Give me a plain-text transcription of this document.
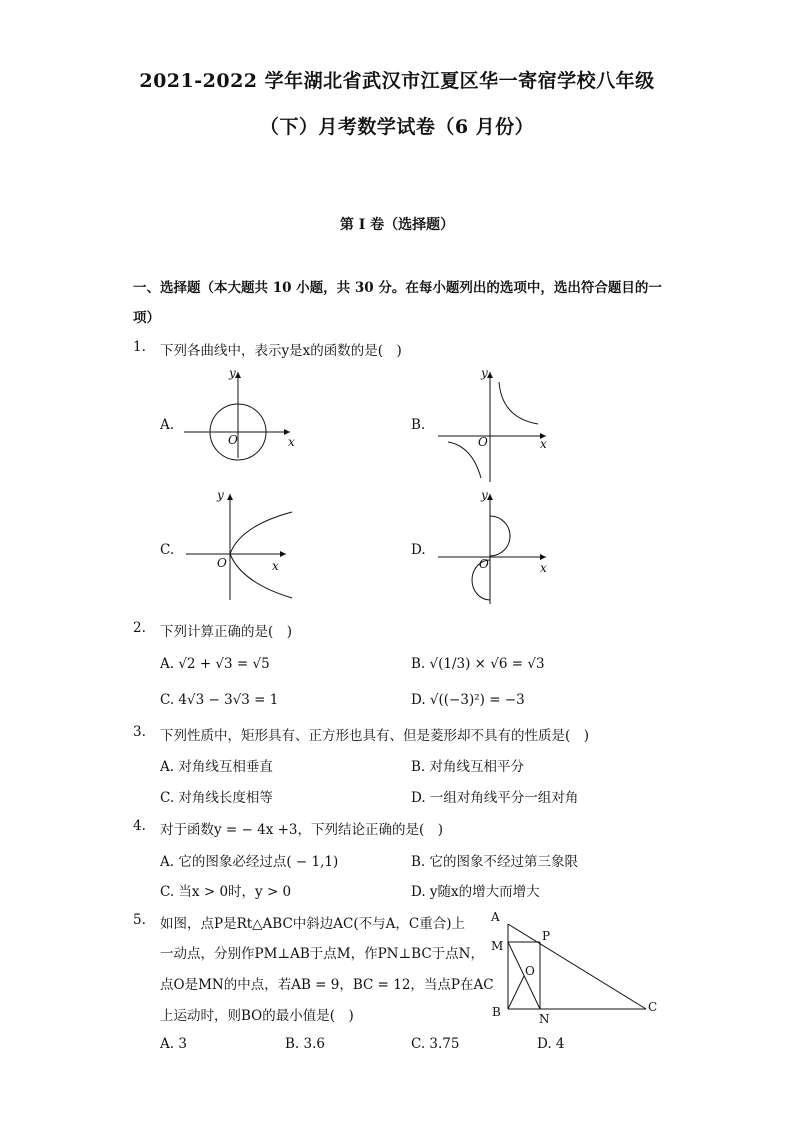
2021-2022 学年湖北省武汉市江夏区华一寄宿学校八年级
（下）月考数学试卷（6 月份）
第 I 卷（选择题）
一、选择题（本大题共 10 小题，共 30 分。在每小题列出的选项中，选出符合题目的一
项）
1. 下列各曲线中，表示y是x的函数的是(　)
A.	B.
C.	D.
y
O	x
y
O	x
y
O	x
y
O	x
2. 下列计算正确的是(　)
A. √2 + √3 = √5	B. √(1/3) × √6 = √3
C. 4√3 − 3√3 = 1	D. √((−3)²) = −3
3. 下列性质中，矩形具有、正方形也具有、但是菱形却不具有的性质是(　)
A. 对角线互相垂直	B. 对角线互相平分
C. 对角线长度相等	D. 一组对角线平分一组对角
4. 对于函数y = − 4x +3，下列结论正确的是(　)
A. 它的图象必经过点( − 1,1)	B. 它的图象不经过第三象限
C. 当x > 0时，y > 0	D. y随x的增大而增大
5. 如图，点P是Rt△ABC中斜边AC(不与A，C重合)上
一动点，分别作PM⊥AB于点M，作PN⊥BC于点N，
点O是MN的中点，若AB = 9，BC = 12，当点P在AC
上运动时，则BO的最小值是(　)
A. 3	B. 3.6	C. 3.75	D. 4
A
P
M
O
B	N
C
